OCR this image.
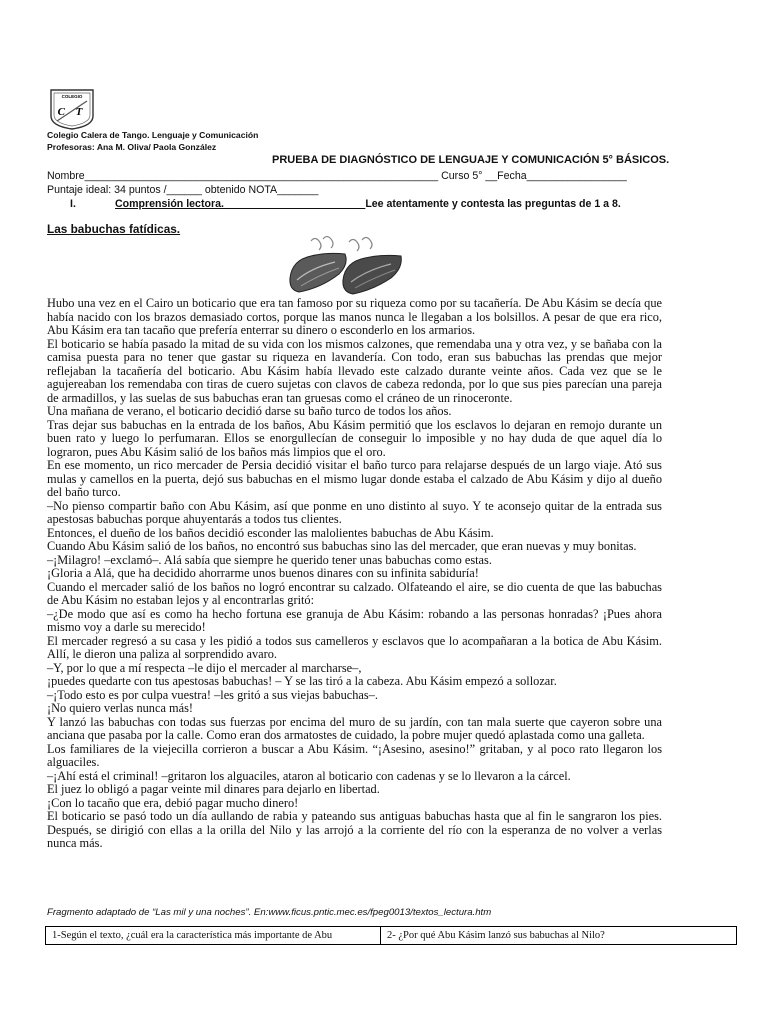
COLEGIO
C T
Colegio Calera de Tango. Lenguaje y Comunicación
Profesoras: Ana M. Oliva/ Paola González
PRUEBA DE DIAGNÓSTICO DE LENGUAJE Y COMUNICACIÓN 5° BÁSICOS.
Nombre____________________________________________________________ Curso 5° __Fecha_________________
Puntaje ideal: 34 puntos /______ obtenido NOTA_______
I.	Comprensión lectora.________________________Lee atentamente y contesta las preguntas de 1 a 8.
Las babuchas fatídicas.

Hubo una vez en el Cairo un boticario que era tan famoso por su riqueza como por su tacañería. De Abu Kásim se decía que había nacido con los brazos demasiado cortos, porque las manos nunca le llegaban a los bolsillos. A pesar de que era rico, Abu Kásim era tan tacaño que prefería enterrar su dinero o esconderlo en los armarios.

El boticario se había pasado la mitad de su vida con los mismos calzones, que remendaba una y otra vez, y se bañaba con la camisa puesta para no tener que gastar su riqueza en lavandería. Con todo, eran sus babuchas las prendas que mejor reflejaban la tacañería del boticario. Abu Kásim había llevado este calzado durante veinte años. Cada vez que se le agujereaban los remendaba con tiras de cuero sujetas con clavos de cabeza redonda, por lo que sus pies parecían una pareja de armadillos, y las suelas de sus babuchas eran tan gruesas como el cráneo de un rinoceronte.

Una mañana de verano, el boticario decidió darse su baño turco de todos los años.

Tras dejar sus babuchas en la entrada de los baños, Abu Kásim permitió que los esclavos lo dejaran en remojo durante un buen rato y luego lo perfumaran. Ellos se enorgullecían de conseguir lo imposible y no hay duda de que aquel día lo lograron, pues Abu Kásim salió de los baños más limpios que el oro.

En ese momento, un rico mercader de Persia decidió visitar el baño turco para relajarse después de un largo viaje. Ató sus mulas y camellos en la puerta, dejó sus babuchas en el mismo lugar donde estaba el calzado de Abu Kásim y dijo al dueño del baño turco.

–No pienso compartir baño con Abu Kásim, así que ponme en uno distinto al suyo. Y te aconsejo quitar de la entrada sus apestosas babuchas porque ahuyentarás a todos tus clientes.

Entonces, el dueño de los baños decidió esconder las malolientes babuchas de Abu Kásim.

Cuando Abu Kásim salió de los baños, no encontró sus babuchas sino las del mercader, que eran nuevas y muy bonitas.

–¡Milagro! –exclamó–. Alá sabía que siempre he querido tener unas babuchas como estas.

¡Gloria a Alá, que ha decidido ahorrarme unos buenos dinares con su infinita sabiduría!

Cuando el mercader salió de los baños no logró encontrar su calzado. Olfateando el aire, se dio cuenta de que las babuchas de Abu Kásim no estaban lejos y al encontrarlas gritó:

–¿De modo que así es como ha hecho fortuna ese granuja de Abu Kásim: robando a las personas honradas? ¡Pues ahora mismo voy a darle su merecido!

El mercader regresó a su casa y les pidió a todos sus camelleros y esclavos que lo acompañaran a la botica de Abu Kásim. Allí, le dieron una paliza al sorprendido avaro.

–Y, por lo que a mí respecta –le dijo el mercader al marcharse–,

¡puedes quedarte con tus apestosas babuchas! – Y se las tiró a la cabeza. Abu Kásim empezó a sollozar.

–¡Todo esto es por culpa vuestra! –les gritó a sus viejas babuchas–.

¡No quiero verlas nunca más!

Y lanzó las babuchas con todas sus fuerzas por encima del muro de su jardín, con tan mala suerte que cayeron sobre una anciana que pasaba por la calle. Como eran dos armatostes de cuidado, la pobre mujer quedó aplastada como una galleta.

Los familiares de la viejecilla corrieron a buscar a Abu Kásim. “¡Asesino, asesino!” gritaban, y al poco rato llegaron los alguaciles.

–¡Ahí está el criminal! –gritaron los alguaciles, ataron al boticario con cadenas y se lo llevaron a la cárcel.

El juez lo obligó a pagar veinte mil dinares para dejarlo en libertad.

¡Con lo tacaño que era, debió pagar mucho dinero!

El boticario se pasó todo un día aullando de rabia y pateando sus antiguas babuchas hasta que al fin le sangraron los pies. Después, se dirigió con ellas a la orilla del Nilo y las arrojó a la corriente del río con la esperanza de no volver a verlas nunca más.

Fragmento adaptado de “Las mil y una noches”. En:www.ficus.pntic.mec.es/fpeg0013/textos_lectura.htm
1-Según el texto, ¿cuál era la característica más importante de Abu	2- ¿Por qué Abu Kásim lanzó sus babuchas al Nilo?
